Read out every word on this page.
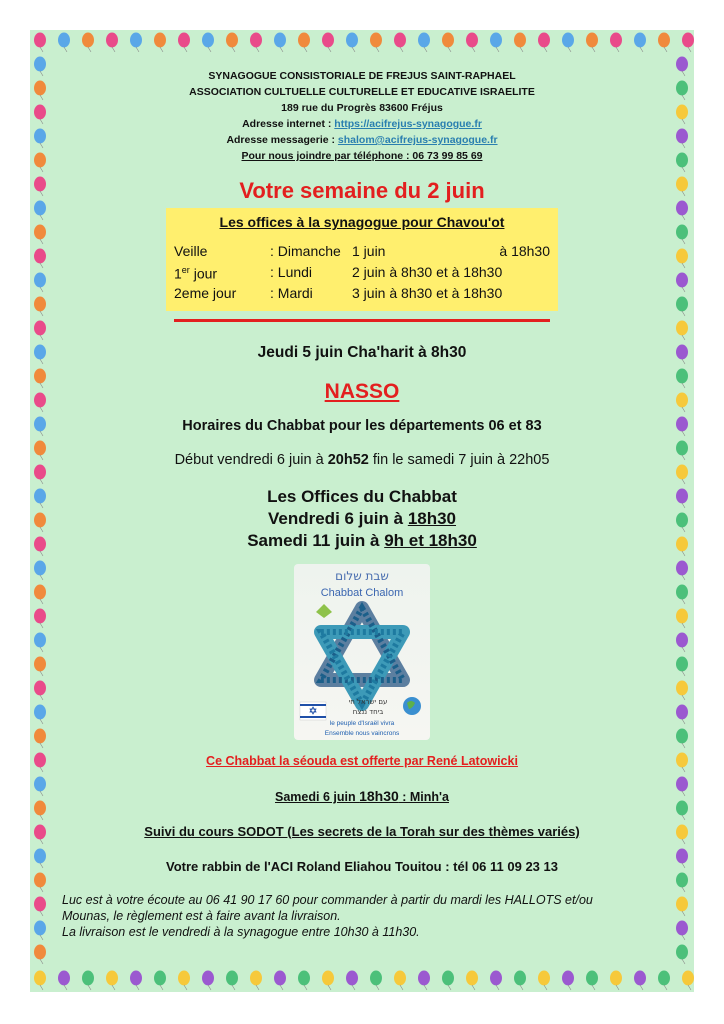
SYNAGOGUE CONSISTORIALE DE FREJUS SAINT-RAPHAEL
ASSOCIATION CULTUELLE CULTURELLE ET EDUCATIVE ISRAELITE
189 rue du Progrès 83600 Fréjus
Adresse internet : https://acifrejus-synagogue.fr
Adresse messagerie : shalom@acifrejus-synagogue.fr
Pour nous joindre par téléphone : 06 73 99 85 69
Votre semaine du 2 juin
Les offices à la synagogue pour Chavou'ot
Veille	: Dimanche	1 juin	à 18h30
1er jour	: Lundi	2 juin à 8h30 et à 18h30	
2eme jour	: Mardi	3 juin à 8h30 et à 18h30	
Jeudi 5 juin Cha'harit à 8h30
NASSO
Horaires du Chabbat pour les départements 06 et 83
Début vendredi 6 juin à 20h52 fin le samedi 7 juin à 22h05
Les Offices du Chabbat
Vendredi 6 juin à 18h30
Samedi 11 juin à 9h et 18h30
שבת שלום
Chabbat Chalom
עם ישראל חי
ביחד ננצח
le peuple d'Israël vivra
Ensemble nous vaincrons
Ce Chabbat la séouda est offerte par René Latowicki
Samedi 6 juin 18h30 : Minh'a
Suivi du cours SODOT (Les secrets de la Torah sur des thèmes variés)
Votre rabbin de l'ACI Roland Eliahou Touitou : tél 06 11 09 23 13
Luc est à votre écoute au 06 41 90 17 60 pour commander à partir du mardi les HALLOTS et/ou
Mounas, le règlement est à faire avant la livraison.
La livraison est le vendredi à la synagogue entre 10h30 à 11h30.
